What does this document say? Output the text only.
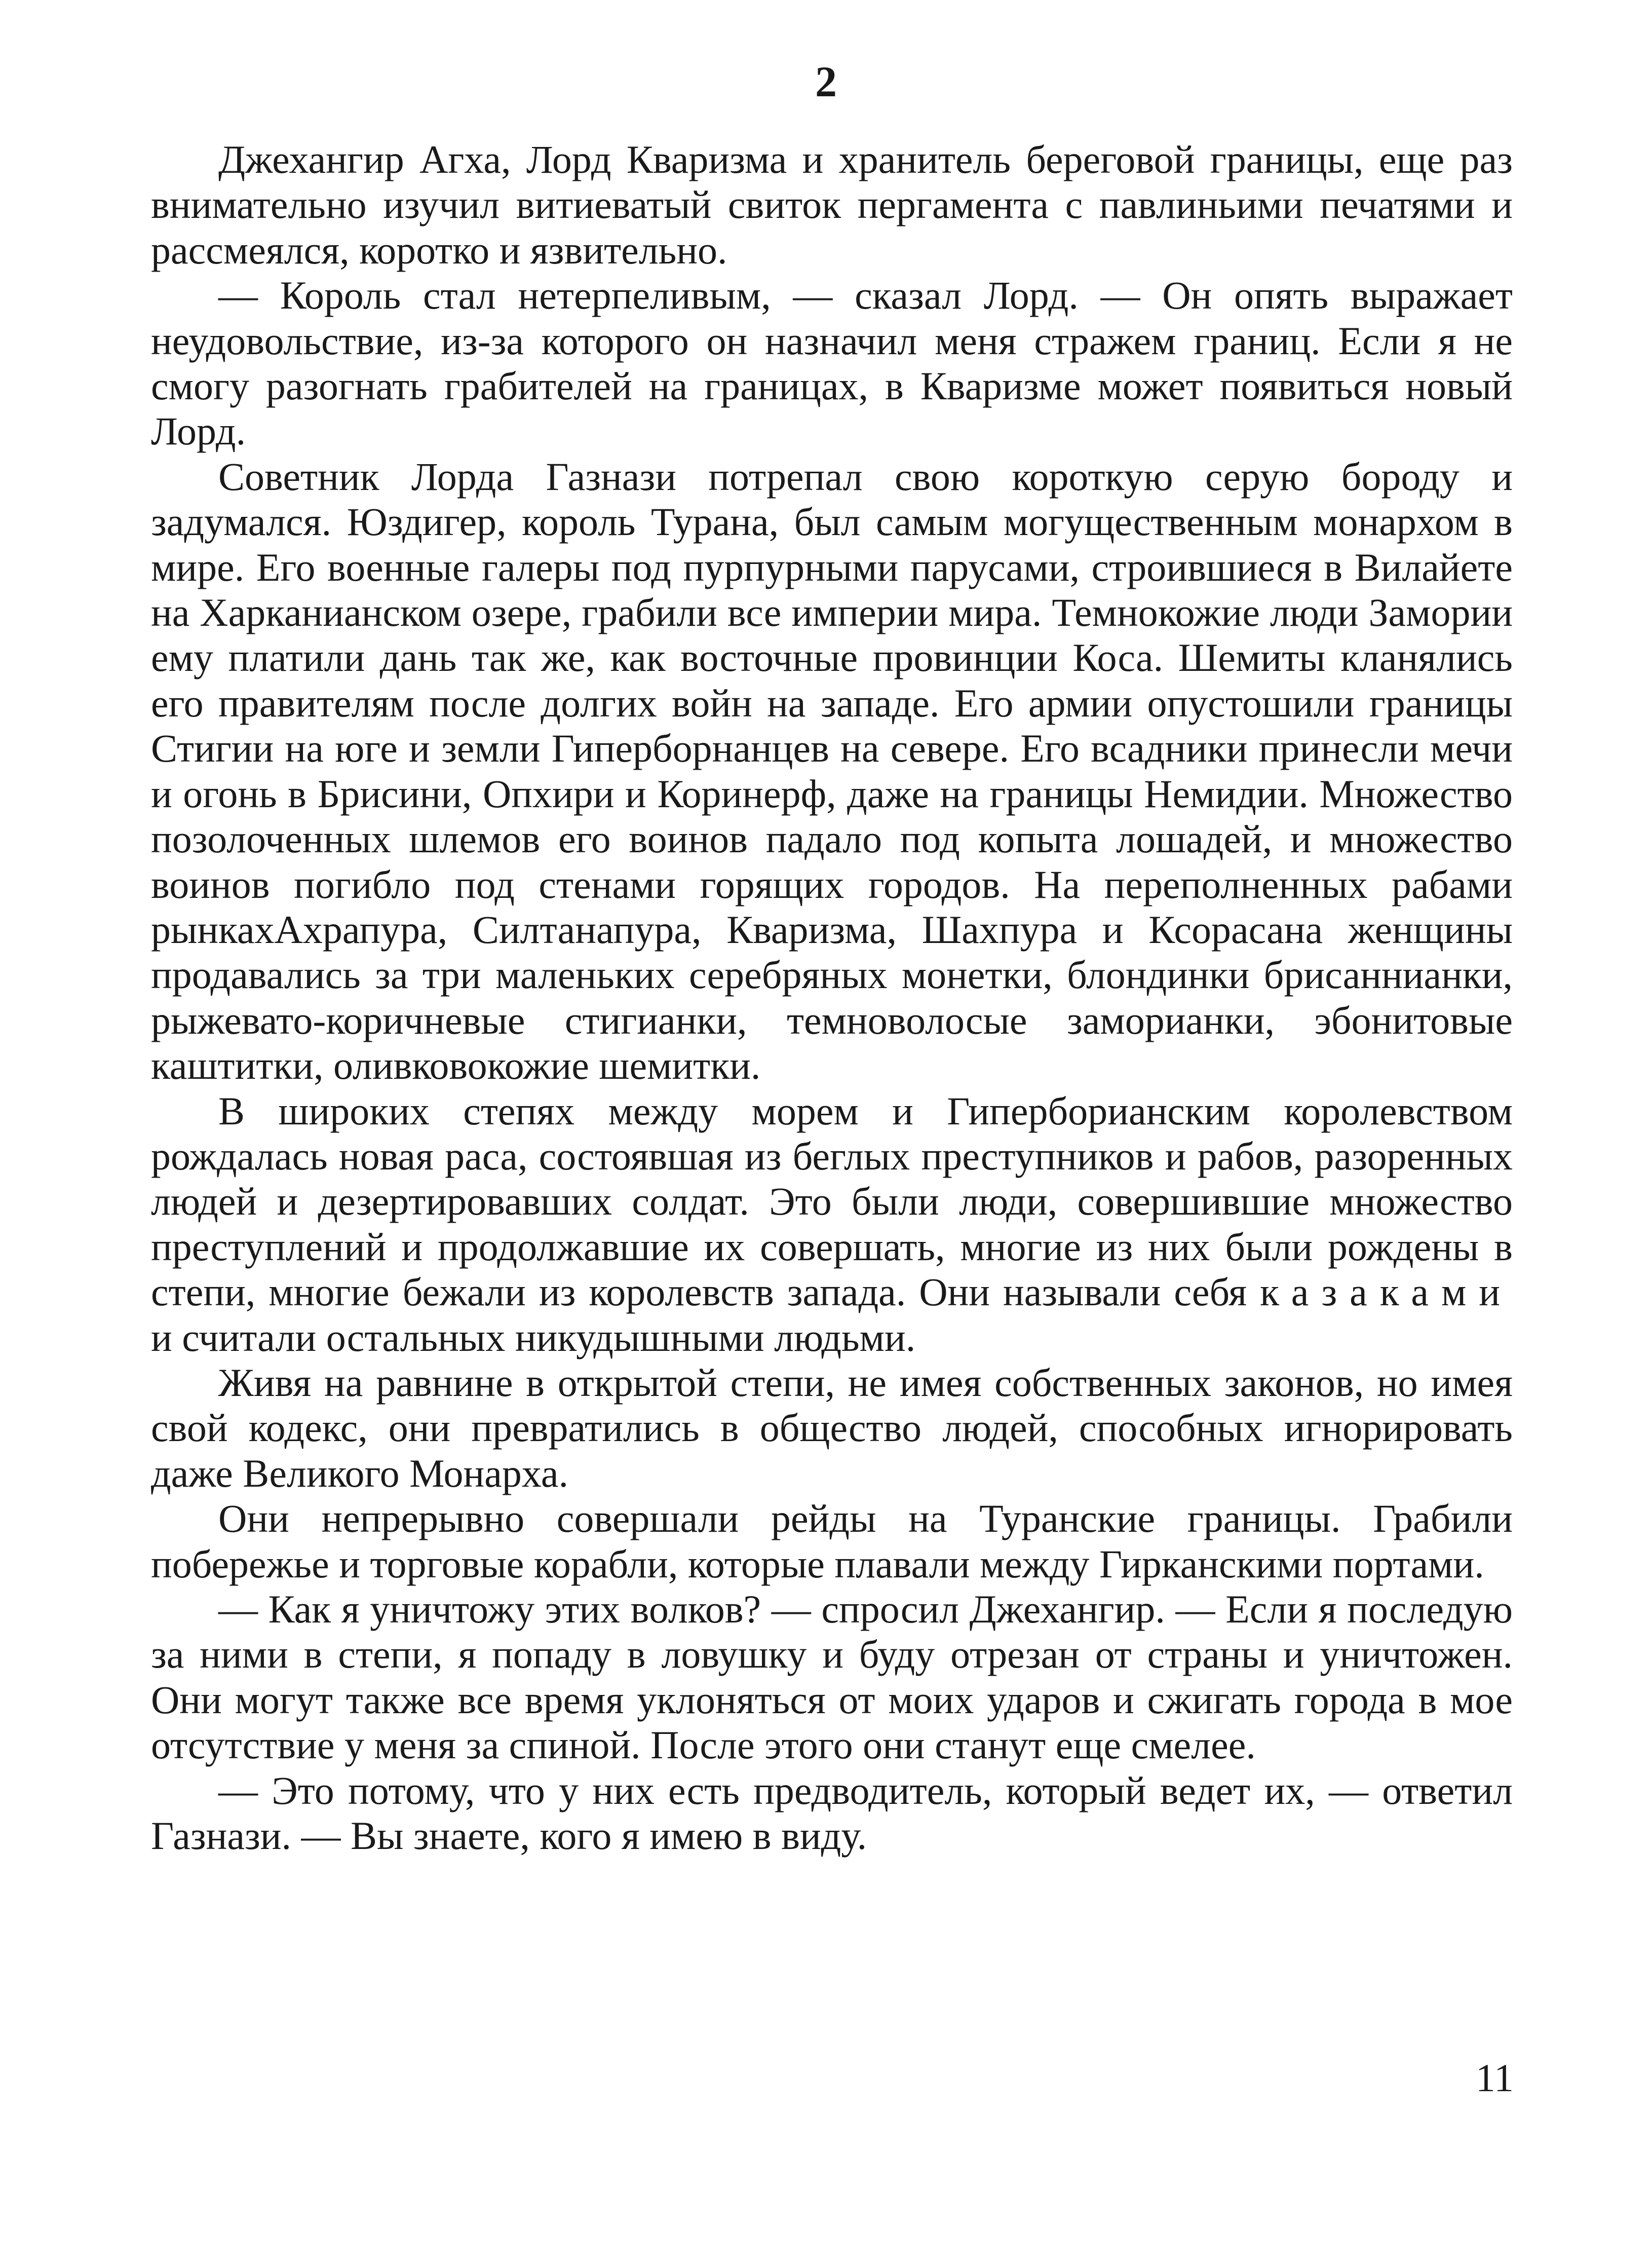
2

Джехангир Агха, Лорд Кваризма и хранитель береговой границы, еще раз внимательно изучил витиеватый свиток пергамента с павлиньими печатями и рассмеялся, коротко и язвительно.

— Король стал нетерпеливым, — сказал Лорд. — Он опять выражает неудовольствие, из-за которого он назначил меня стражем границ. Если я не смогу разогнать грабителей на границах, в Кваризме может появиться новый Лорд.

Советник Лорда Газнази потрепал свою короткую серую бороду и задумался. Юздигер, король Турана, был самым могущественным монархом в мире. Его военные галеры под пурпурными парусами, строившиеся в Вилайете на Харканианском озере, грабили все империи мира. Темнокожие люди Замории ему платили дань так же, как восточные провинции Коса. Шемиты кланялись его правителям после долгих войн на западе. Его армии опустошили границы Стигии на юге и земли Гиперборнанцев на севере. Его всадники принесли мечи и огонь в Брисини, Опхири и Коринерф, даже на границы Немидии. Множество позолоченных шлемов его воинов падало под копыта лошадей, и множество воинов погибло под стенами горящих городов. На переполненных рабами рынкахАхрапура, Силтанапура, Кваризма, Шахпура и Ксорасана женщины продавались за три маленьких серебряных монетки, блондинки брисаннианки, рыжевато-коричневые стигианки, темноволосые заморианки, эбонитовые каштитки, оливковокожие шемитки.

В широких степях между морем и Гиперборианским королевством рождалась новая раса, состоявшая из беглых преступников и рабов, разоренных людей и дезертировавших солдат. Это были люди, совершившие множество преступлений и продолжавшие их совершать, многие из них были рождены в степи, многие бежали из королевств запада. Они называли себя казаками и считали остальных никудышными людьми.

Живя на равнине в открытой степи, не имея собственных законов, но имея свой кодекс, они превратились в общество людей, способных игнорировать даже Великого Монарха.

Они непрерывно совершали рейды на Туранские границы. Грабили побережье и торговые корабли, которые плавали между Гирканскими портами.

— Как я уничтожу этих волков? — спросил Джехангир. — Если я последую за ними в степи, я попаду в ловушку и буду отрезан от страны и уничтожен. Они могут также все время уклоняться от моих ударов и сжигать города в мое отсутствие у меня за спиной. После этого они станут еще смелее.

— Это потому, что у них есть предводитель, который ведет их, — ответил Газнази. — Вы знаете, кого я имею в виду.

11
